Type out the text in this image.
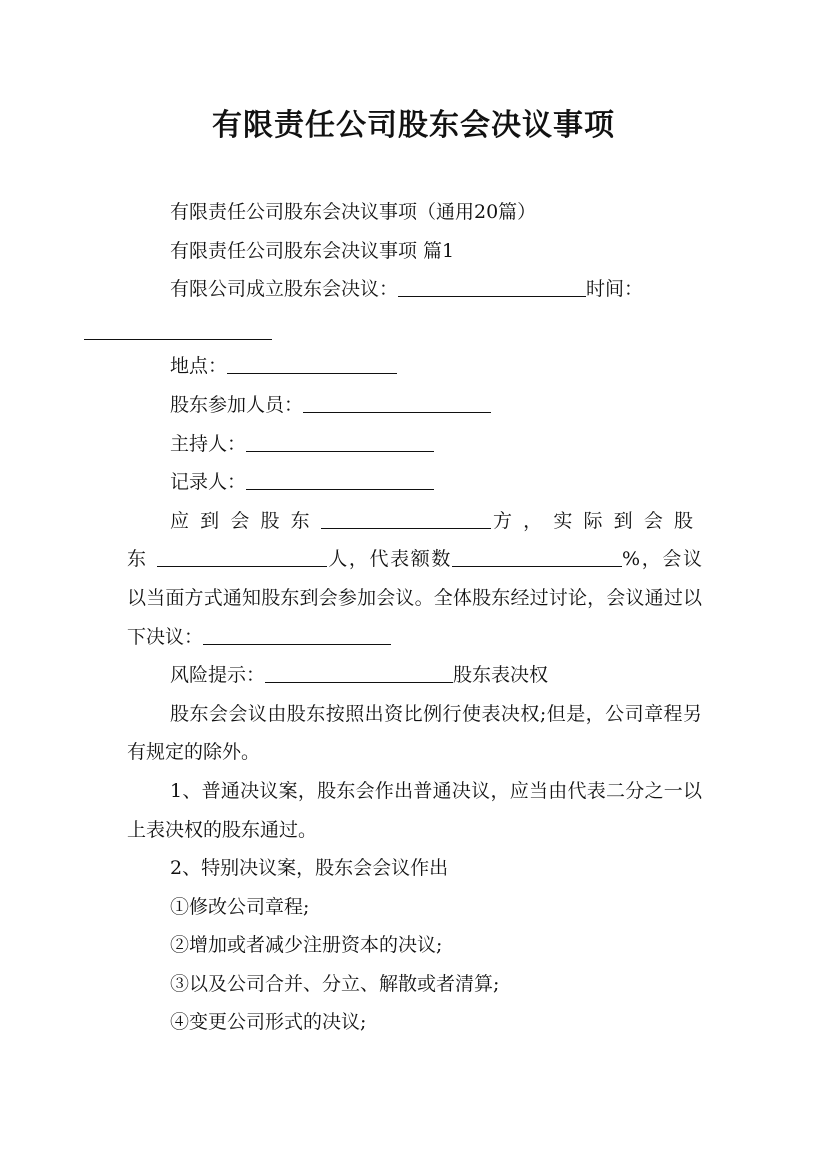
有限责任公司股东会决议事项

有限责任公司股东会决议事项（通用20篇）

有限责任公司股东会决议事项 篇1

有限公司成立股东会决议：	时间：

地点：

股东参加人员：

主持人：

记录人：

应到会股东	方，实际到会股东	人，代表额数	%，会议以当面方式通知股东到会参加会议。全体股东经过讨论，会议通过以下决议：

风险提示：	股东表决权

股东会会议由股东按照出资比例行使表决权;但是，公司章程另有规定的除外。

1、普通决议案，股东会作出普通决议，应当由代表二分之一以上表决权的股东通过。

2、特别决议案，股东会会议作出

①修改公司章程;

②增加或者减少注册资本的决议;

③以及公司合并、分立、解散或者清算;

④变更公司形式的决议;
